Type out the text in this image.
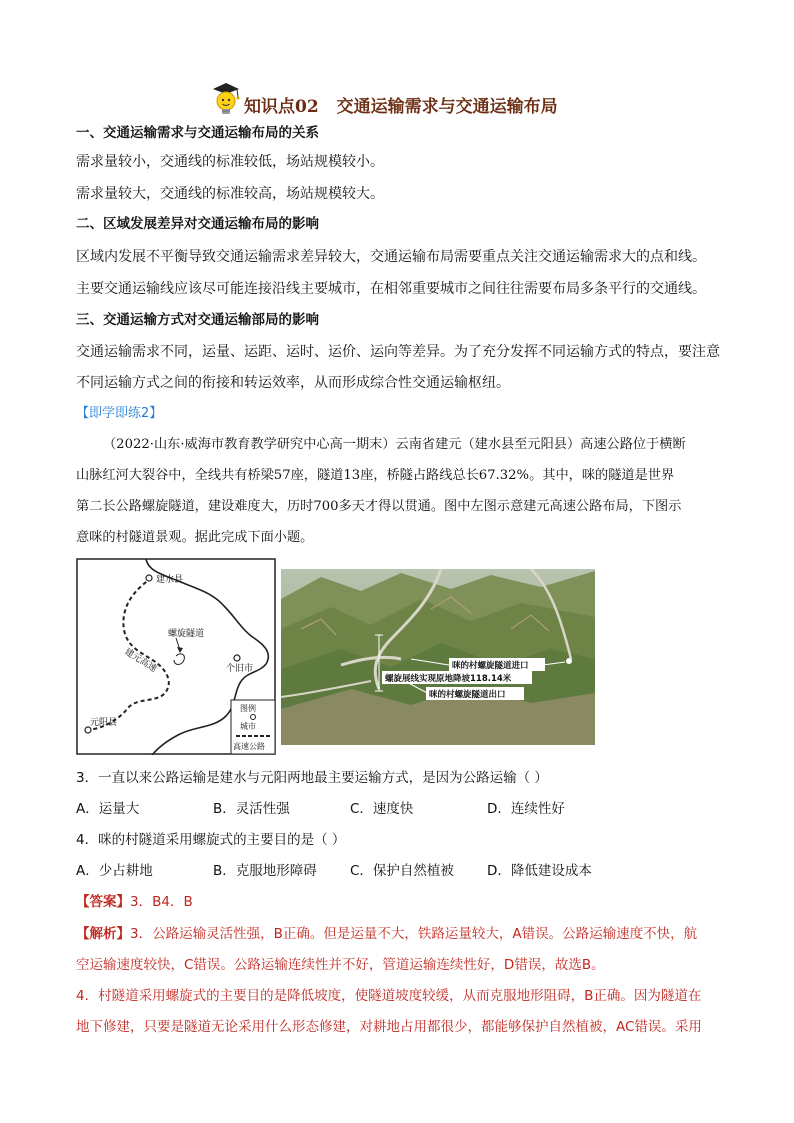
知识点02 交通运输需求与交通运输布局
一、交通运输需求与交通运输布局的关系
需求量较小，交通线的标准较低，场站规模较小。
需求量较大，交通线的标准较高，场站规模较大。
二、区域发展差异对交通运输布局的影响
区域内发展不平衡导致交通运输需求差异较大，交通运输布局需要重点关注交通运输需求大的点和线。
主要交通运输线应该尽可能连接沿线主要城市，在相邻重要城市之间往往需要布局多条平行的交通线。
三、交通运输方式对交通运输部局的影响
交通运输需求不同，运量、运距、运时、运价、运向等差异。为了充分发挥不同运输方式的特点，要注意
不同运输方式之间的衔接和转运效率，从而形成综合性交通运输枢纽。
【即学即练2】
（2022·山东·威海市教育教学研究中心高一期末）云南省建元（建水县至元阳县）高速公路位于横断
山脉红河大裂谷中，全线共有桥梁57座，隧道13座，桥隧占路线总长67.32%。其中，咪的隧道是世界
第二长公路螺旋隧道，建设难度大，历时700多天才得以贯通。图中左图示意建元高速公路布局，下图示
意咪的村隧道景观。据此完成下面小题。
建水县
个旧市
元阳县
螺旋隧道
建元高速
图例
城市
高速公路
咪的村螺旋隧道进口
螺旋展线实现原地降坡118.14米
咪的村螺旋隧道出口
3．一直以来公路运输是建水与元阳两地最主要运输方式，是因为公路运输（ ）
A．运量大	B．灵活性强	C．速度快	D．连续性好
4．咪的村隧道采用螺旋式的主要目的是（ ）
A．少占耕地	B．克服地形障碍 C．保护自然植被 D．降低建设成本
【答案】3．B4．B
【解析】3．公路运输灵活性强，B正确。但是运量不大，铁路运量较大，A错误。公路运输速度不快，航
空运输速度较快，C错误。公路运输连续性并不好，管道运输连续性好，D错误，故选B。
4．村隧道采用螺旋式的主要目的是降低坡度，使隧道坡度较缓，从而克服地形阻碍，B正确。因为隧道在
地下修建，只要是隧道无论采用什么形态修建，对耕地占用都很少，都能够保护自然植被，AC错误。采用
